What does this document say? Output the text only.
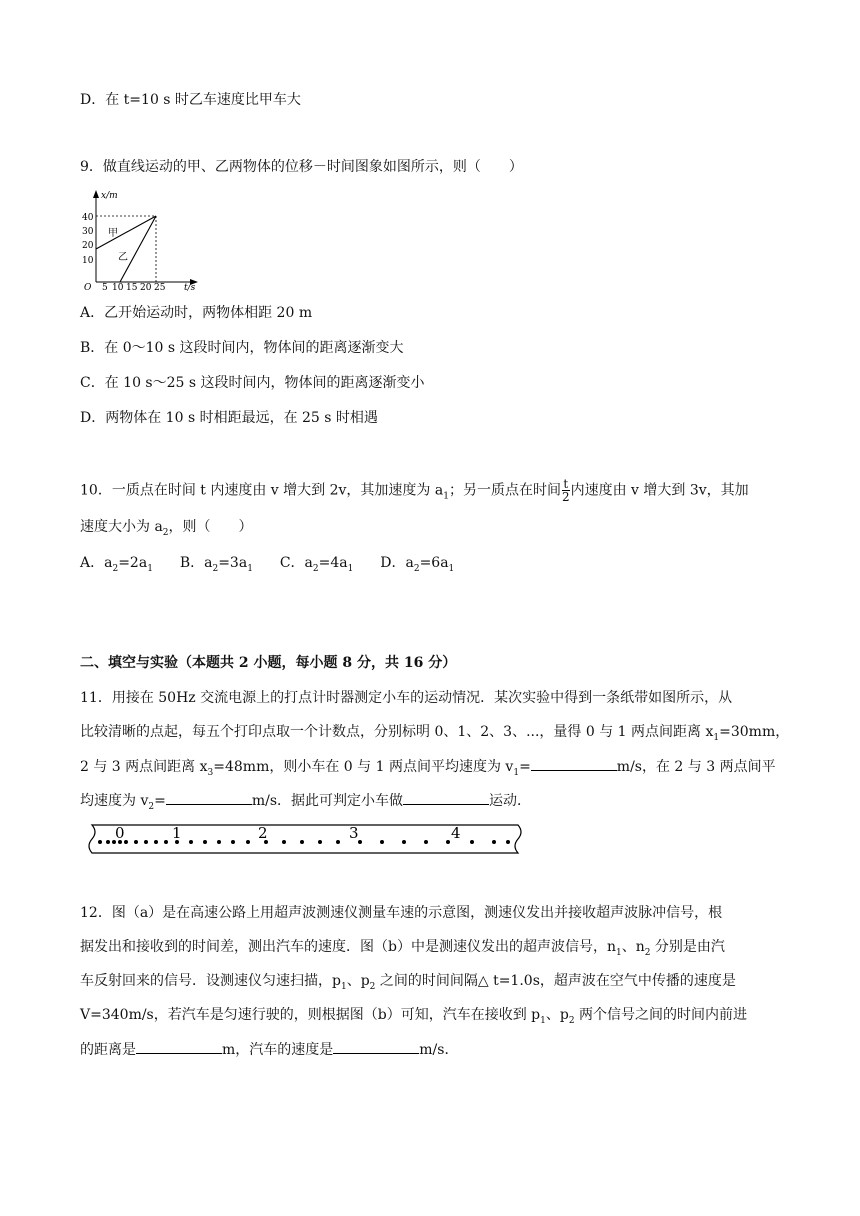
D．在 t=10 s 时乙车速度比甲车大
9．做直线运动的甲、乙两物体的位移－时间图象如图所示，则（　　）
x/m
t/s
O
40
30
20
10
5 10 15 20 25
甲
乙
A．乙开始运动时，两物体相距 20 m
B．在 0～10 s 这段时间内，物体间的距离逐渐变大
C．在 10 s～25 s 这段时间内，物体间的距离逐渐变小
D．两物体在 10 s 时相距最远，在 25 s 时相遇
10．一质点在时间 t 内速度由 v 增大到 2v，其加速度为 $a_1$；另一质点在时间 $\frac{t}{2}$ 内速度由 v 增大到 3v，其加
速度大小为 $a_2$，则（　　）
A．$a_2=2a_1$ B．$a_2=3a_1$ C．$a_2=4a_1$ D．$a_2=6a_1$
二、填空与实验（本题共 2 小题，每小题 8 分，共 16 分）
11．用接在 50Hz 交流电源上的打点计时器测定小车的运动情况．某次实验中得到一条纸带如图所示，从
比较清晰的点起，每五个打印点取一个计数点，分别标明 0、1、2、3、...，量得 0 与 1 两点间距离 $x_1=30mm$，
2 与 3 两点间距离 $x_3=48mm$，则小车在 0 与 1 两点间平均速度为 $v_1=$	m/s，在 2 与 3 两点间平
均速度为 $v_2=$	m/s．据此可判定小车做	运动．
0	1	2	3	4
12．图（a）是在高速公路上用超声波测速仪测量车速的示意图，测速仪发出并接收超声波脉冲信号，根
据发出和接收到的时间差，测出汽车的速度．图（b）中是测速仪发出的超声波信号，$n_1$、$n_2$ 分别是由汽
车反射回来的信号．设测速仪匀速扫描，$p_1$、$p_2$ 之间的时间间隔△ t=1.0s，超声波在空气中传播的速度是
V=340m/s，若汽车是匀速行驶的，则根据图（b）可知，汽车在接收到 $p_1$、$p_2$ 两个信号之间的时间内前进
的距离是	m，汽车的速度是	m/s．
